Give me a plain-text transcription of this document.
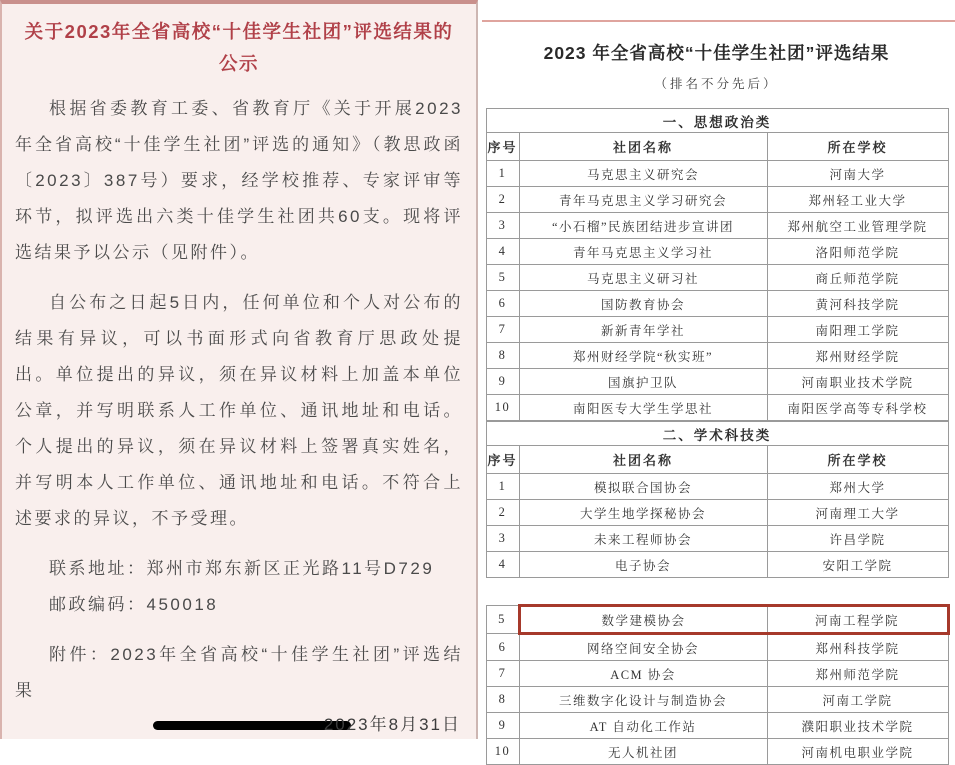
关于2023年全省高校“十佳学生社团”评选结果的公示

根据省委教育工委、省教育厅《关于开展2023年全省高校“十佳学生社团”评选的通知》（教思政函〔2023〕387号）要求，经学校推荐、专家评审等环节，拟评选出六类十佳学生社团共60支。现将评选结果予以公示（见附件）。

自公布之日起5日内，任何单位和个人对公布的结果有异议，可以书面形式向省教育厅思政处提出。单位提出的异议，须在异议材料上加盖本单位公章，并写明联系人工作单位、通讯地址和电话。个人提出的异议，须在异议材料上签署真实姓名，并写明本人工作单位、通讯地址和电话。不符合上述要求的异议，不予受理。

联系地址：郑州市郑东新区正光路11号D729

邮政编码：450018

附件：2023年全省高校“十佳学生社团”评选结果

2023年8月31日
2023 年全省高校“十佳学生社团”评选结果
（排名不分先后）
一、思想政治类		
序号	社团名称	所在学校
1	马克思主义研究会	河南大学
2	青年马克思主义学习研究会	郑州轻工业大学
3	“小石榴”民族团结进步宣讲团	郑州航空工业管理学院
4	青年马克思主义学习社	洛阳师范学院
5	马克思主义研习社	商丘师范学院
6	国防教育协会	黄河科技学院
7	新新青年学社	南阳理工学院
8	郑州财经学院“秋实班”	郑州财经学院
9	国旗护卫队	河南职业技术学院
10	南阳医专大学生学思社	南阳医学高等专科学校
二、学术科技类		
序号	社团名称	所在学校
1	模拟联合国协会	郑州大学
2	大学生地学探秘协会	河南理工大学
3	未来工程师协会	许昌学院
4	电子协会	安阳工学院
5	数学建模协会	河南工程学院
6	网络空间安全协会	郑州科技学院
7	ACM 协会	郑州师范学院
8	三维数字化设计与制造协会	河南工学院
9	AT 自动化工作站	濮阳职业技术学院
10	无人机社团	河南机电职业学院
